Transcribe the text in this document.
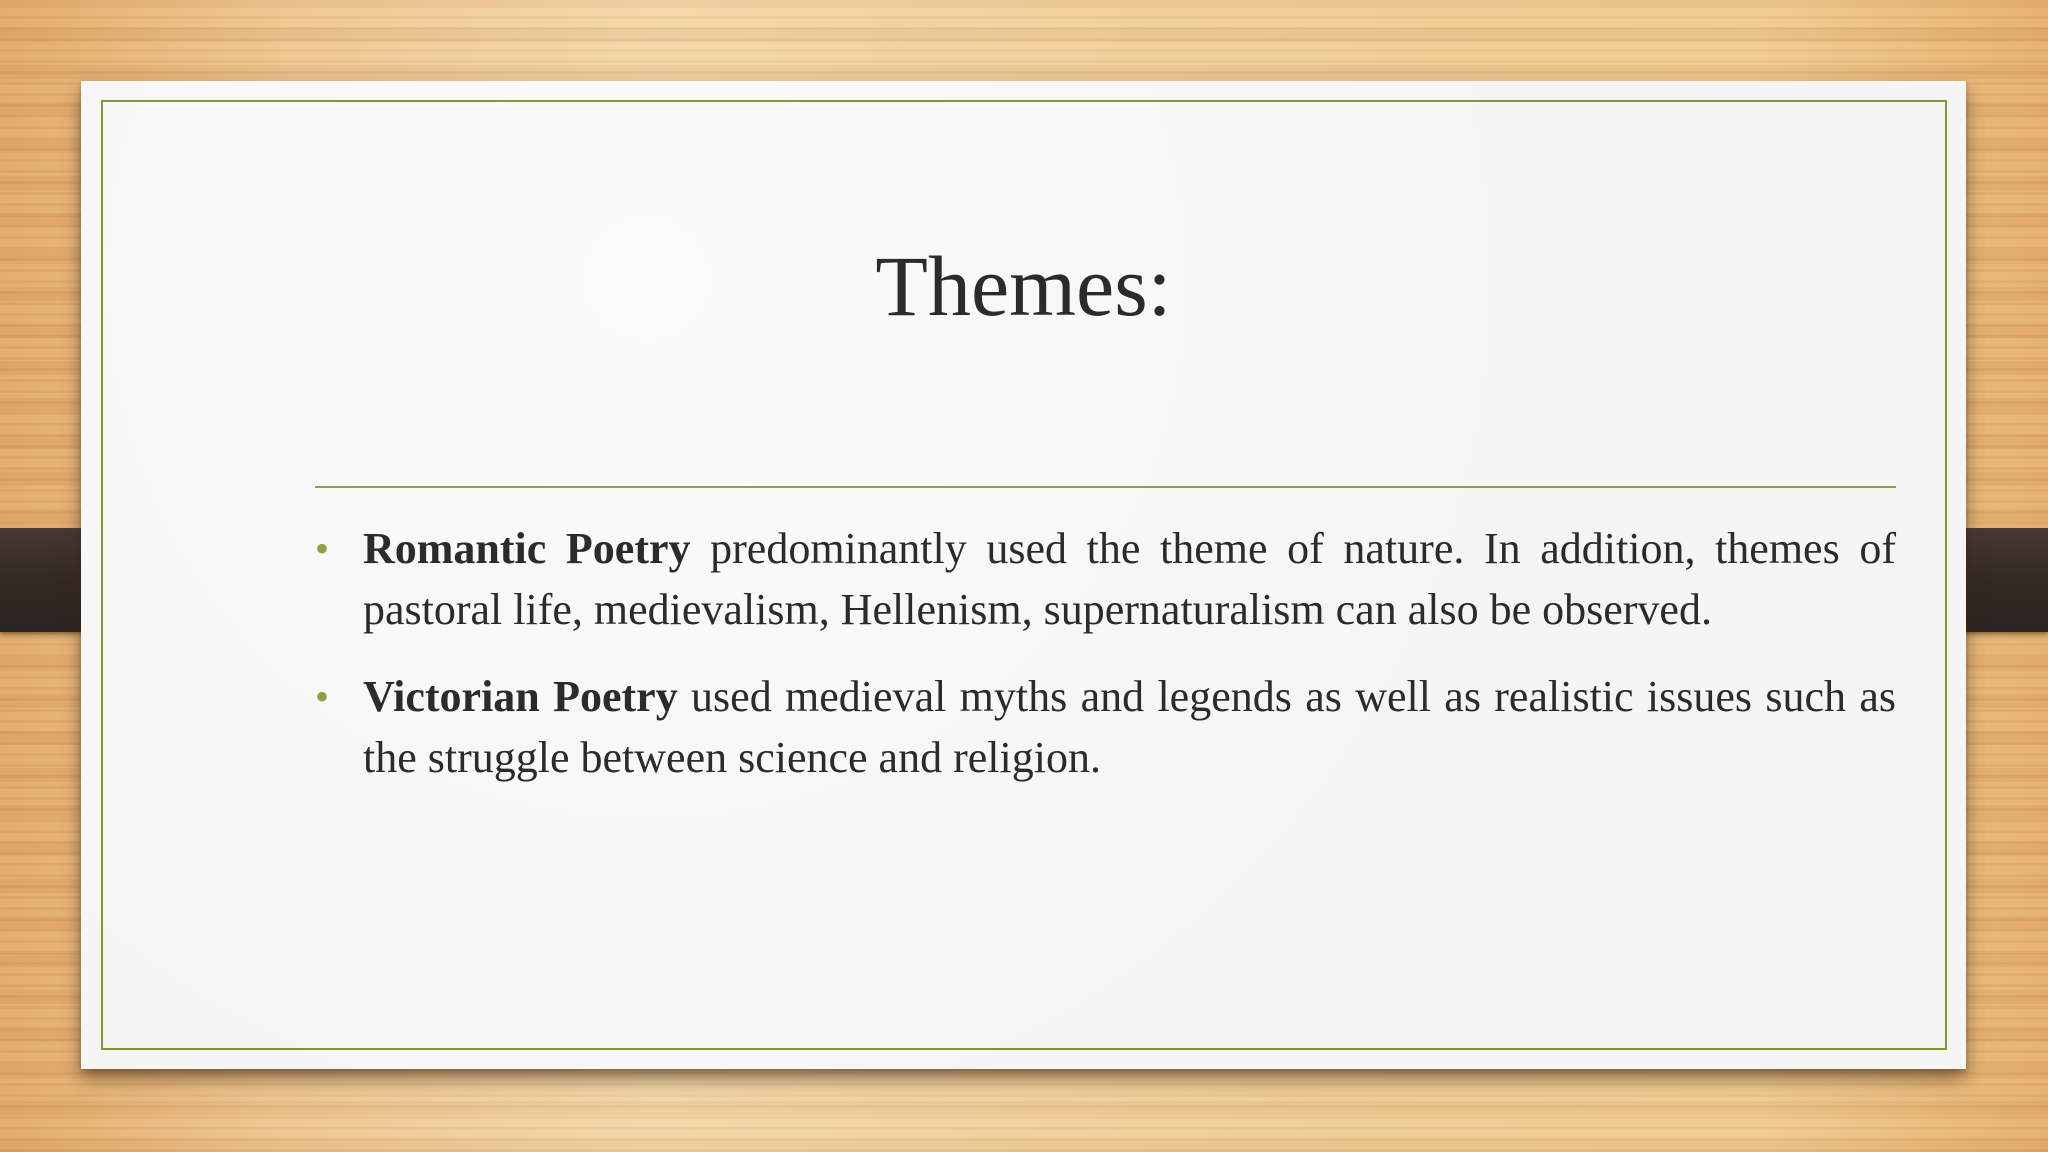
Themes:
• Romantic Poetry predominantly used the theme of nature. In addition, themes of pastoral life, medievalism, Hellenism, supernaturalism can also be observed.
• Victorian Poetry used medieval myths and legends as well as realistic issues such as the struggle between science and religion.
